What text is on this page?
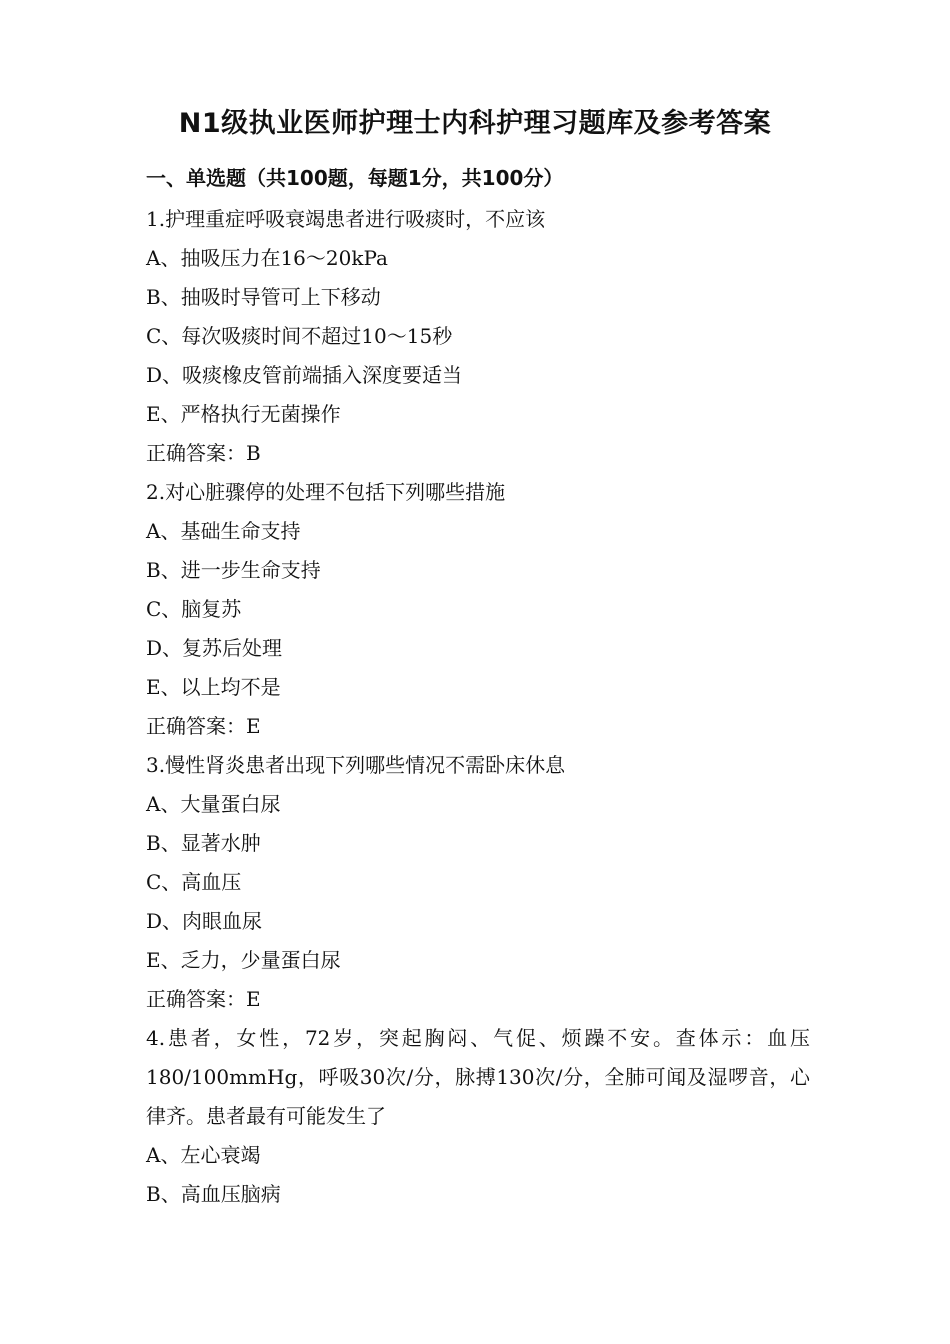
N1级执业医师护理士内科护理习题库及参考答案
一、单选题（共100题，每题1分，共100分）

1.护理重症呼吸衰竭患者进行吸痰时，不应该

A、抽吸压力在16～20kPa

B、抽吸时导管可上下移动

C、每次吸痰时间不超过10～15秒

D、吸痰橡皮管前端插入深度要适当

E、严格执行无菌操作

正确答案：B

2.对心脏骤停的处理不包括下列哪些措施

A、基础生命支持

B、进一步生命支持

C、脑复苏

D、复苏后处理

E、以上均不是

正确答案：E

3.慢性肾炎患者出现下列哪些情况不需卧床休息

A、大量蛋白尿

B、显著水肿

C、高血压

D、肉眼血尿

E、乏力，少量蛋白尿

正确答案：E

4.患者，女性，72岁，突起胸闷、气促、烦躁不安。查体示：血压180/100mmHg，呼吸30次/分，脉搏130次/分，全肺可闻及湿啰音，心律齐。患者最有可能发生了

A、左心衰竭

B、高血压脑病
